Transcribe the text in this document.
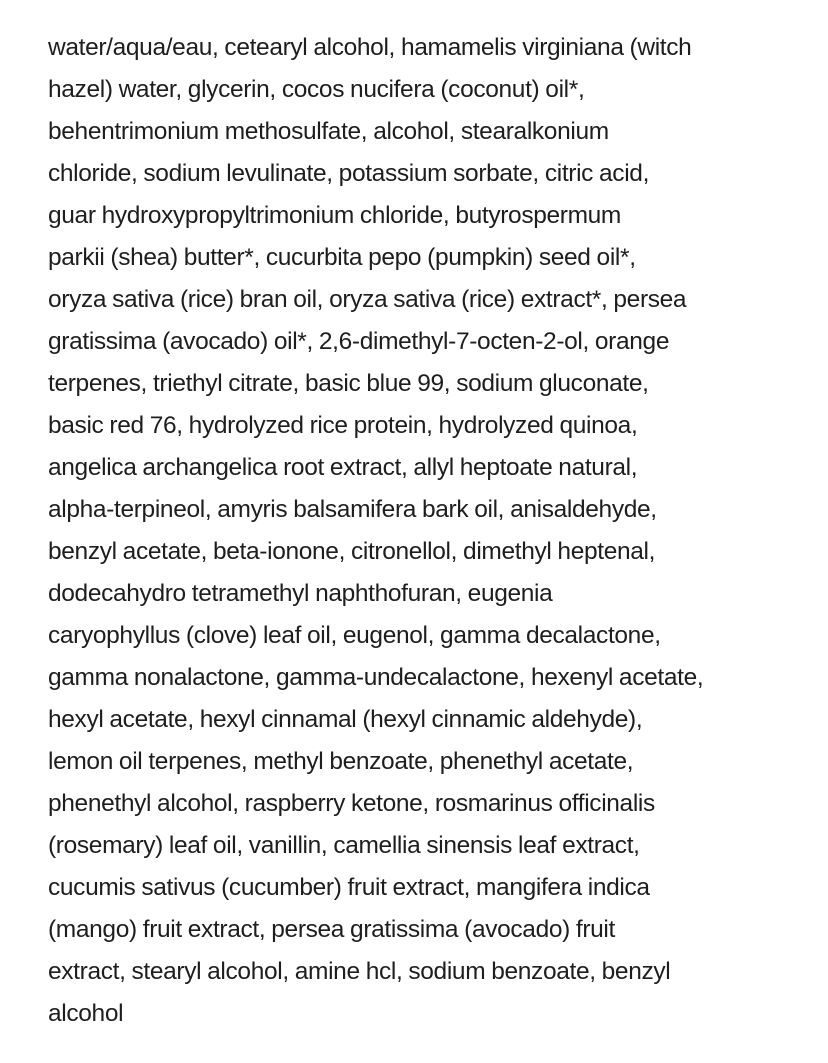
water/aqua/eau, cetearyl alcohol, hamamelis virginiana (witch
hazel) water, glycerin, cocos nucifera (coconut) oil*,
behentrimonium methosulfate, alcohol, stearalkonium
chloride, sodium levulinate, potassium sorbate, citric acid,
guar hydroxypropyltrimonium chloride, butyrospermum
parkii (shea) butter*, cucurbita pepo (pumpkin) seed oil*,
oryza sativa (rice) bran oil, oryza sativa (rice) extract*, persea
gratissima (avocado) oil*, 2,6-dimethyl-7-octen-2-ol, orange
terpenes, triethyl citrate, basic blue 99, sodium gluconate,
basic red 76, hydrolyzed rice protein, hydrolyzed quinoa,
angelica archangelica root extract, allyl heptoate natural,
alpha-terpineol, amyris balsamifera bark oil, anisaldehyde,
benzyl acetate, beta-ionone, citronellol, dimethyl heptenal,
dodecahydro tetramethyl naphthofuran, eugenia
caryophyllus (clove) leaf oil, eugenol, gamma decalactone,
gamma nonalactone, gamma-undecalactone, hexenyl acetate,
hexyl acetate, hexyl cinnamal (hexyl cinnamic aldehyde),
lemon oil terpenes, methyl benzoate, phenethyl acetate,
phenethyl alcohol, raspberry ketone, rosmarinus officinalis
(rosemary) leaf oil, vanillin, camellia sinensis leaf extract,
cucumis sativus (cucumber) fruit extract, mangifera indica
(mango) fruit extract, persea gratissima (avocado) fruit
extract, stearyl alcohol, amine hcl, sodium benzoate, benzyl
alcohol
